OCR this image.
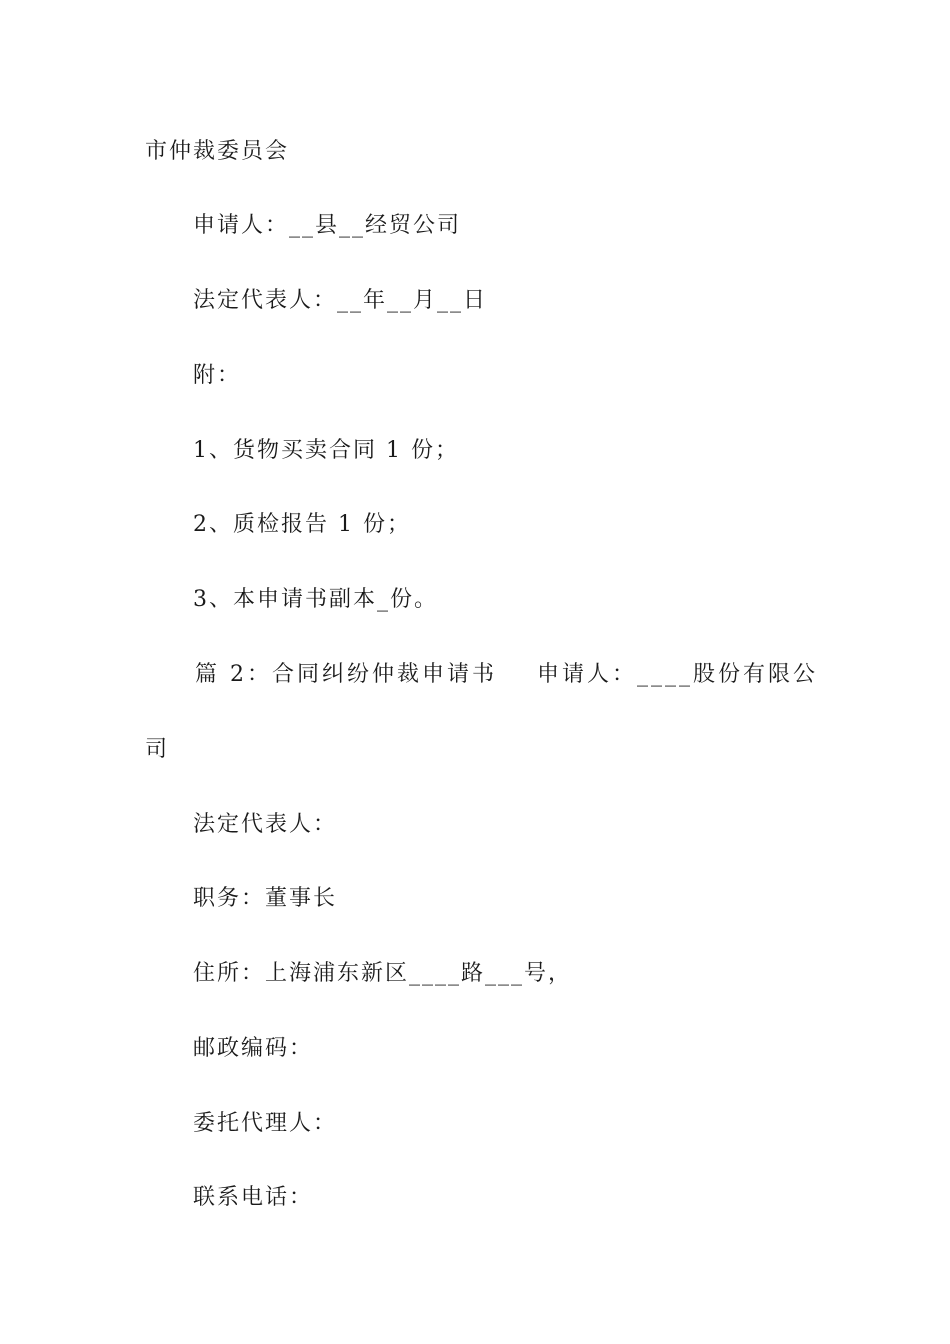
市仲裁委员会
申请人：__县__经贸公司
法定代表人：__年__月__日
附：
1、货物买卖合同 1 份；
2、质检报告 1 份；
3、本申请书副本_份。
篇 2：合同纠纷仲裁申请书    申请人：____股份有限公
司
法定代表人：
职务：董事长
住所：上海浦东新区____路___号，
邮政编码：
委托代理人：
联系电话：
